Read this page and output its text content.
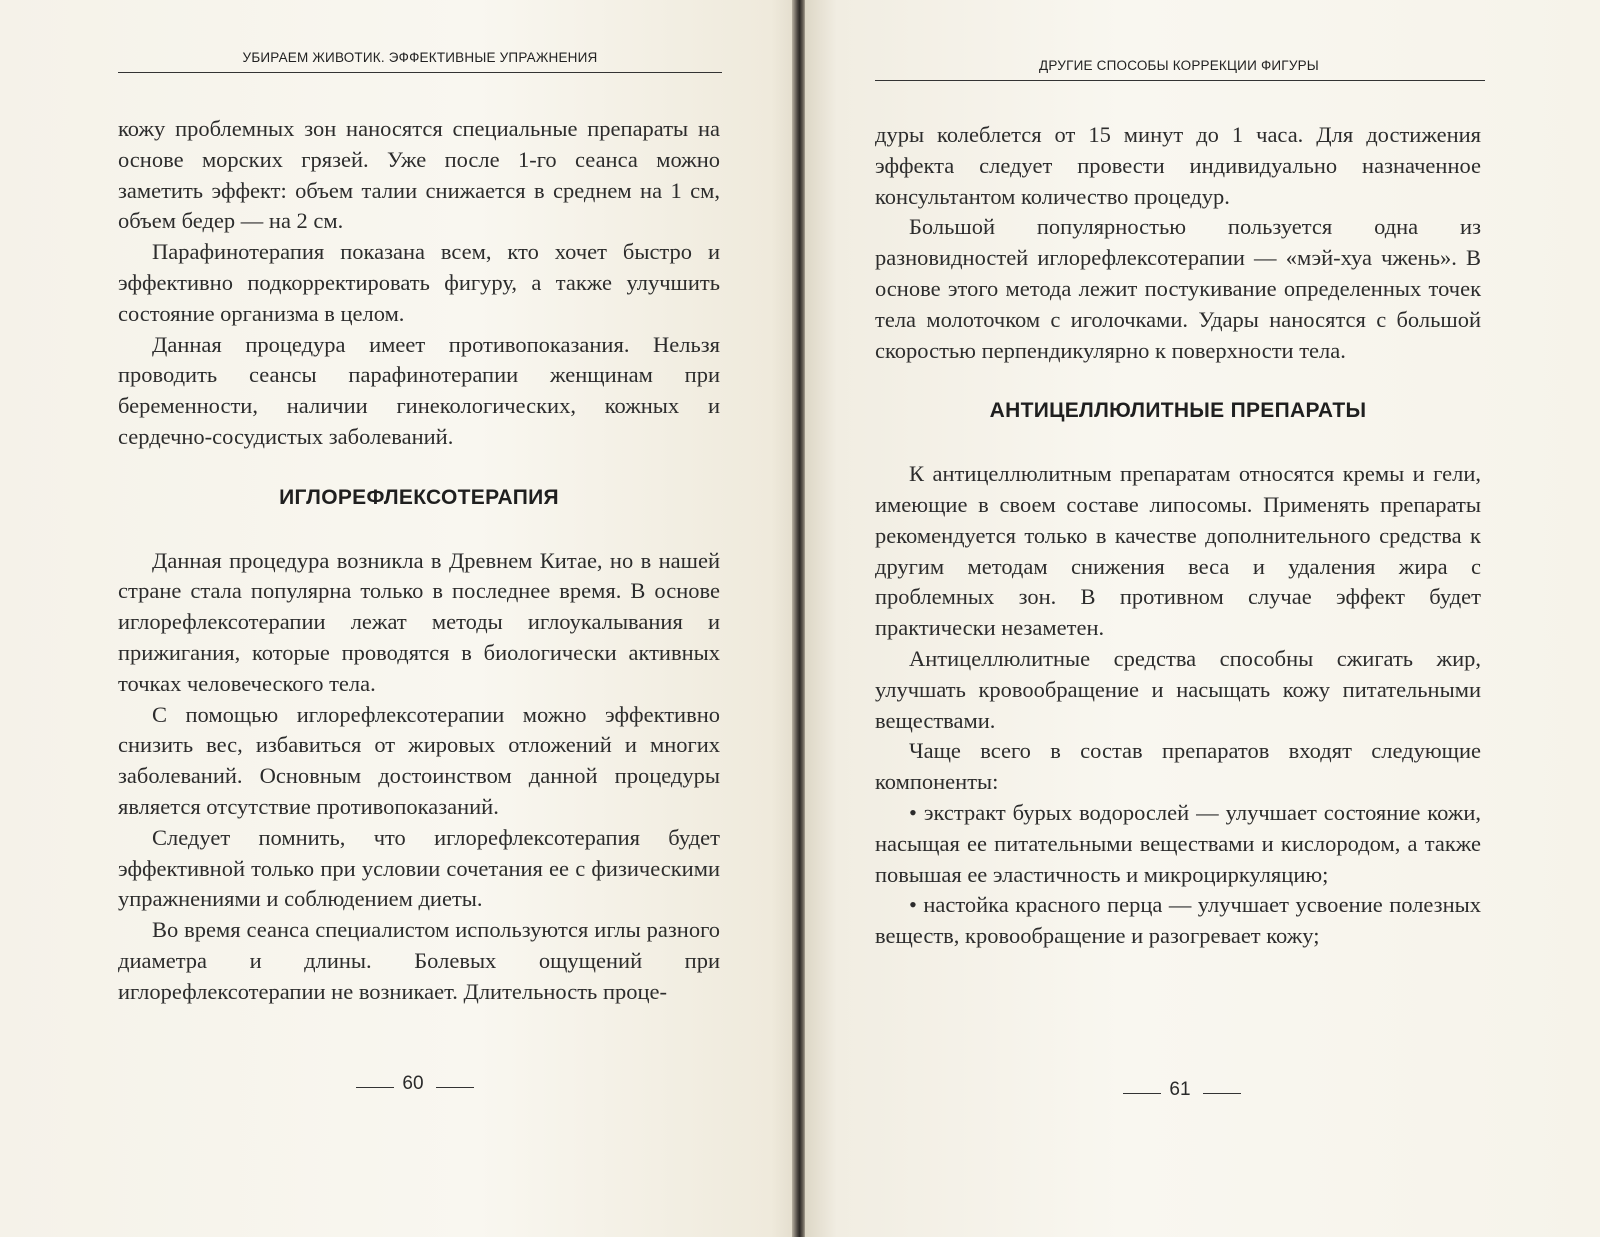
УБИРАЕМ ЖИВОТИК. ЭФФЕКТИВНЫЕ УПРАЖНЕНИЯ

кожу проблемных зон наносятся специальные препараты на основе морских грязей. Уже после 1-го сеанса можно заметить эффект: объем талии снижается в среднем на 1 см, объем бедер — на 2 см.

Парафинотерапия показана всем, кто хочет быстро и эффективно подкорректировать фигуру, а также улучшить состояние организма в целом.

Данная процедура имеет противопоказания. Нельзя проводить сеансы парафинотерапии женщинам при беременности, наличии гинекологических, кожных и сердечно-сосудистых заболеваний.

ИГЛОРЕФЛЕКСОТЕРАПИЯ

Данная процедура возникла в Древнем Китае, но в нашей стране стала популярна только в последнее время. В основе иглорефлексотерапии лежат методы иглоукалывания и прижигания, которые проводятся в биологически активных точках человеческого тела.

С помощью иглорефлексотерапии можно эффективно снизить вес, избавиться от жировых отложений и многих заболеваний. Основным достоинством данной процедуры является отсутствие противопоказаний.

Следует помнить, что иглорефлексотерапия будет эффективной только при условии сочетания ее с физическими упражнениями и соблюдением диеты.

Во время сеанса специалистом используются иглы разного диаметра и длины. Болевых ощущений при иглорефлексотерапии не возникает. Длительность проце-

60
ДРУГИЕ СПОСОБЫ КОРРЕКЦИИ ФИГУРЫ

дуры колеблется от 15 минут до 1 часа. Для достижения эффекта следует провести индивидуально назначенное консультантом количество процедур.

Большой популярностью пользуется одна из разновидностей иглорефлексотерапии — «мэй-хуа чжень». В основе этого метода лежит постукивание определенных точек тела молоточком с иголочками. Удары наносятся с большой скоростью перпендикулярно к поверхности тела.

АНТИЦЕЛЛЮЛИТНЫЕ ПРЕПАРАТЫ

К антицеллюлитным препаратам относятся кремы и гели, имеющие в своем составе липосомы. Применять препараты рекомендуется только в качестве дополнительного средства к другим методам снижения веса и удаления жира с проблемных зон. В противном случае эффект будет практически незаметен.

Антицеллюлитные средства способны сжигать жир, улучшать кровообращение и насыщать кожу питательными веществами.

Чаще всего в состав препаратов входят следующие компоненты:

• экстракт бурых водорослей — улучшает состояние кожи, насыщая ее питательными веществами и кислородом, а также повышая ее эластичность и микроциркуляцию;

• настойка красного перца — улучшает усвоение полезных веществ, кровообращение и разогревает кожу;

61
